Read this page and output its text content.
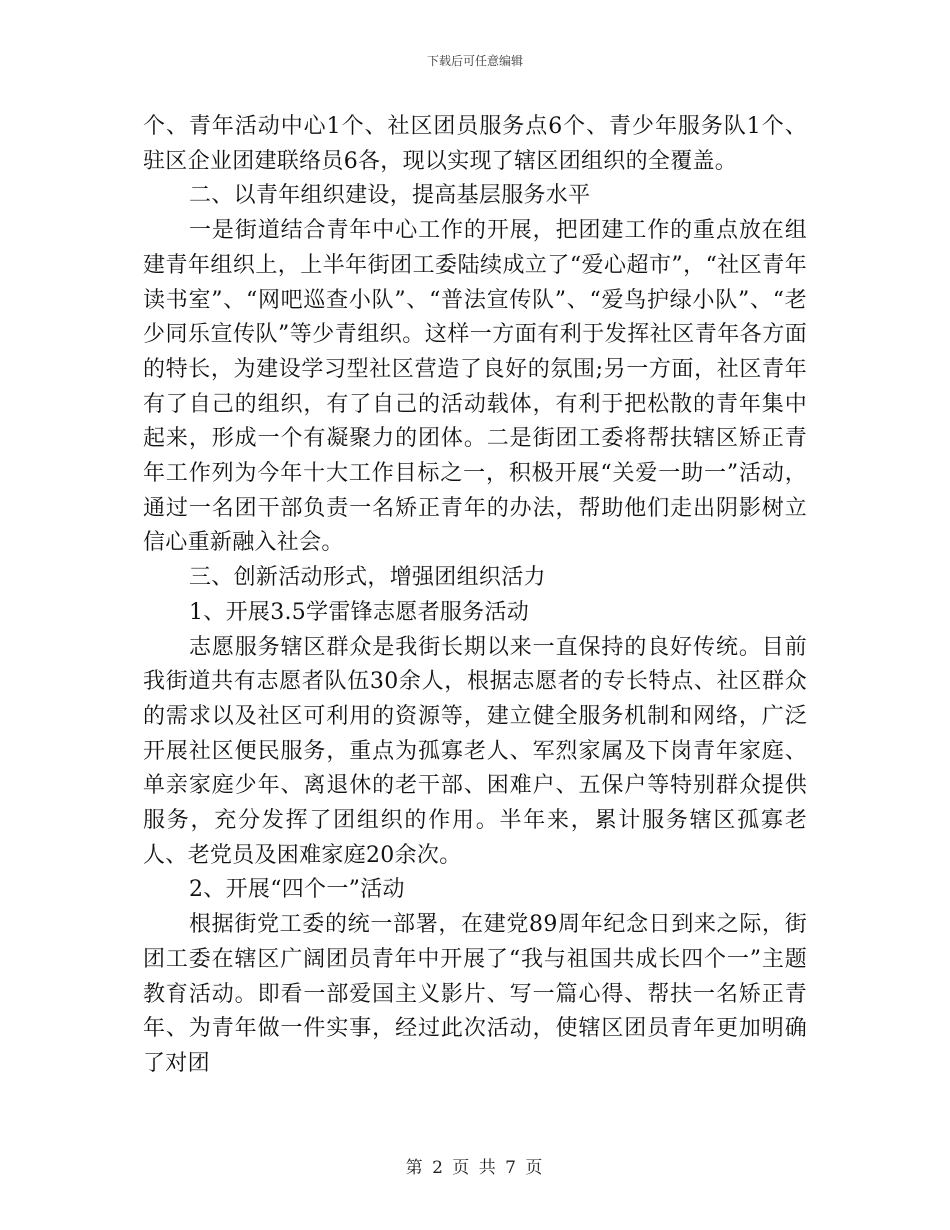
下载后可任意编辑

个、青年活动中心1个、社区团员服务点6个、青少年服务队1个、驻区企业团建联络员6各，现以实现了辖区团组织的全覆盖。

二、以青年组织建设，提高基层服务水平

一是街道结合青年中心工作的开展，把团建工作的重点放在组建青年组织上，上半年街团工委陆续成立了“爱心超市”，“社区青年读书室”、“网吧巡查小队”、“普法宣传队”、“爱鸟护绿小队”、“老少同乐宣传队”等少青组织。这样一方面有利于发挥社区青年各方面的特长，为建设学习型社区营造了良好的氛围;另一方面，社区青年有了自己的组织，有了自己的活动载体，有利于把松散的青年集中起来，形成一个有凝聚力的团体。二是街团工委将帮扶辖区矫正青年工作列为今年十大工作目标之一，积极开展“关爱一助一”活动，通过一名团干部负责一名矫正青年的办法，帮助他们走出阴影树立信心重新融入社会。

三、创新活动形式，增强团组织活力

1、开展3.5学雷锋志愿者服务活动

志愿服务辖区群众是我街长期以来一直保持的良好传统。目前我街道共有志愿者队伍30余人，根据志愿者的专长特点、社区群众的需求以及社区可利用的资源等，建立健全服务机制和网络，广泛开展社区便民服务，重点为孤寡老人、军烈家属及下岗青年家庭、单亲家庭少年、离退休的老干部、困难户、五保户等特别群众提供服务，充分发挥了团组织的作用。半年来，累计服务辖区孤寡老人、老党员及困难家庭20余次。

2、开展“四个一”活动

根据街党工委的统一部署，在建党89周年纪念日到来之际，街团工委在辖区广阔团员青年中开展了“我与祖国共成长四个一”主题教育活动。即看一部爱国主义影片、写一篇心得、帮扶一名矫正青年、为青年做一件实事，经过此次活动，使辖区团员青年更加明确了对团

第 2 页 共 7 页
